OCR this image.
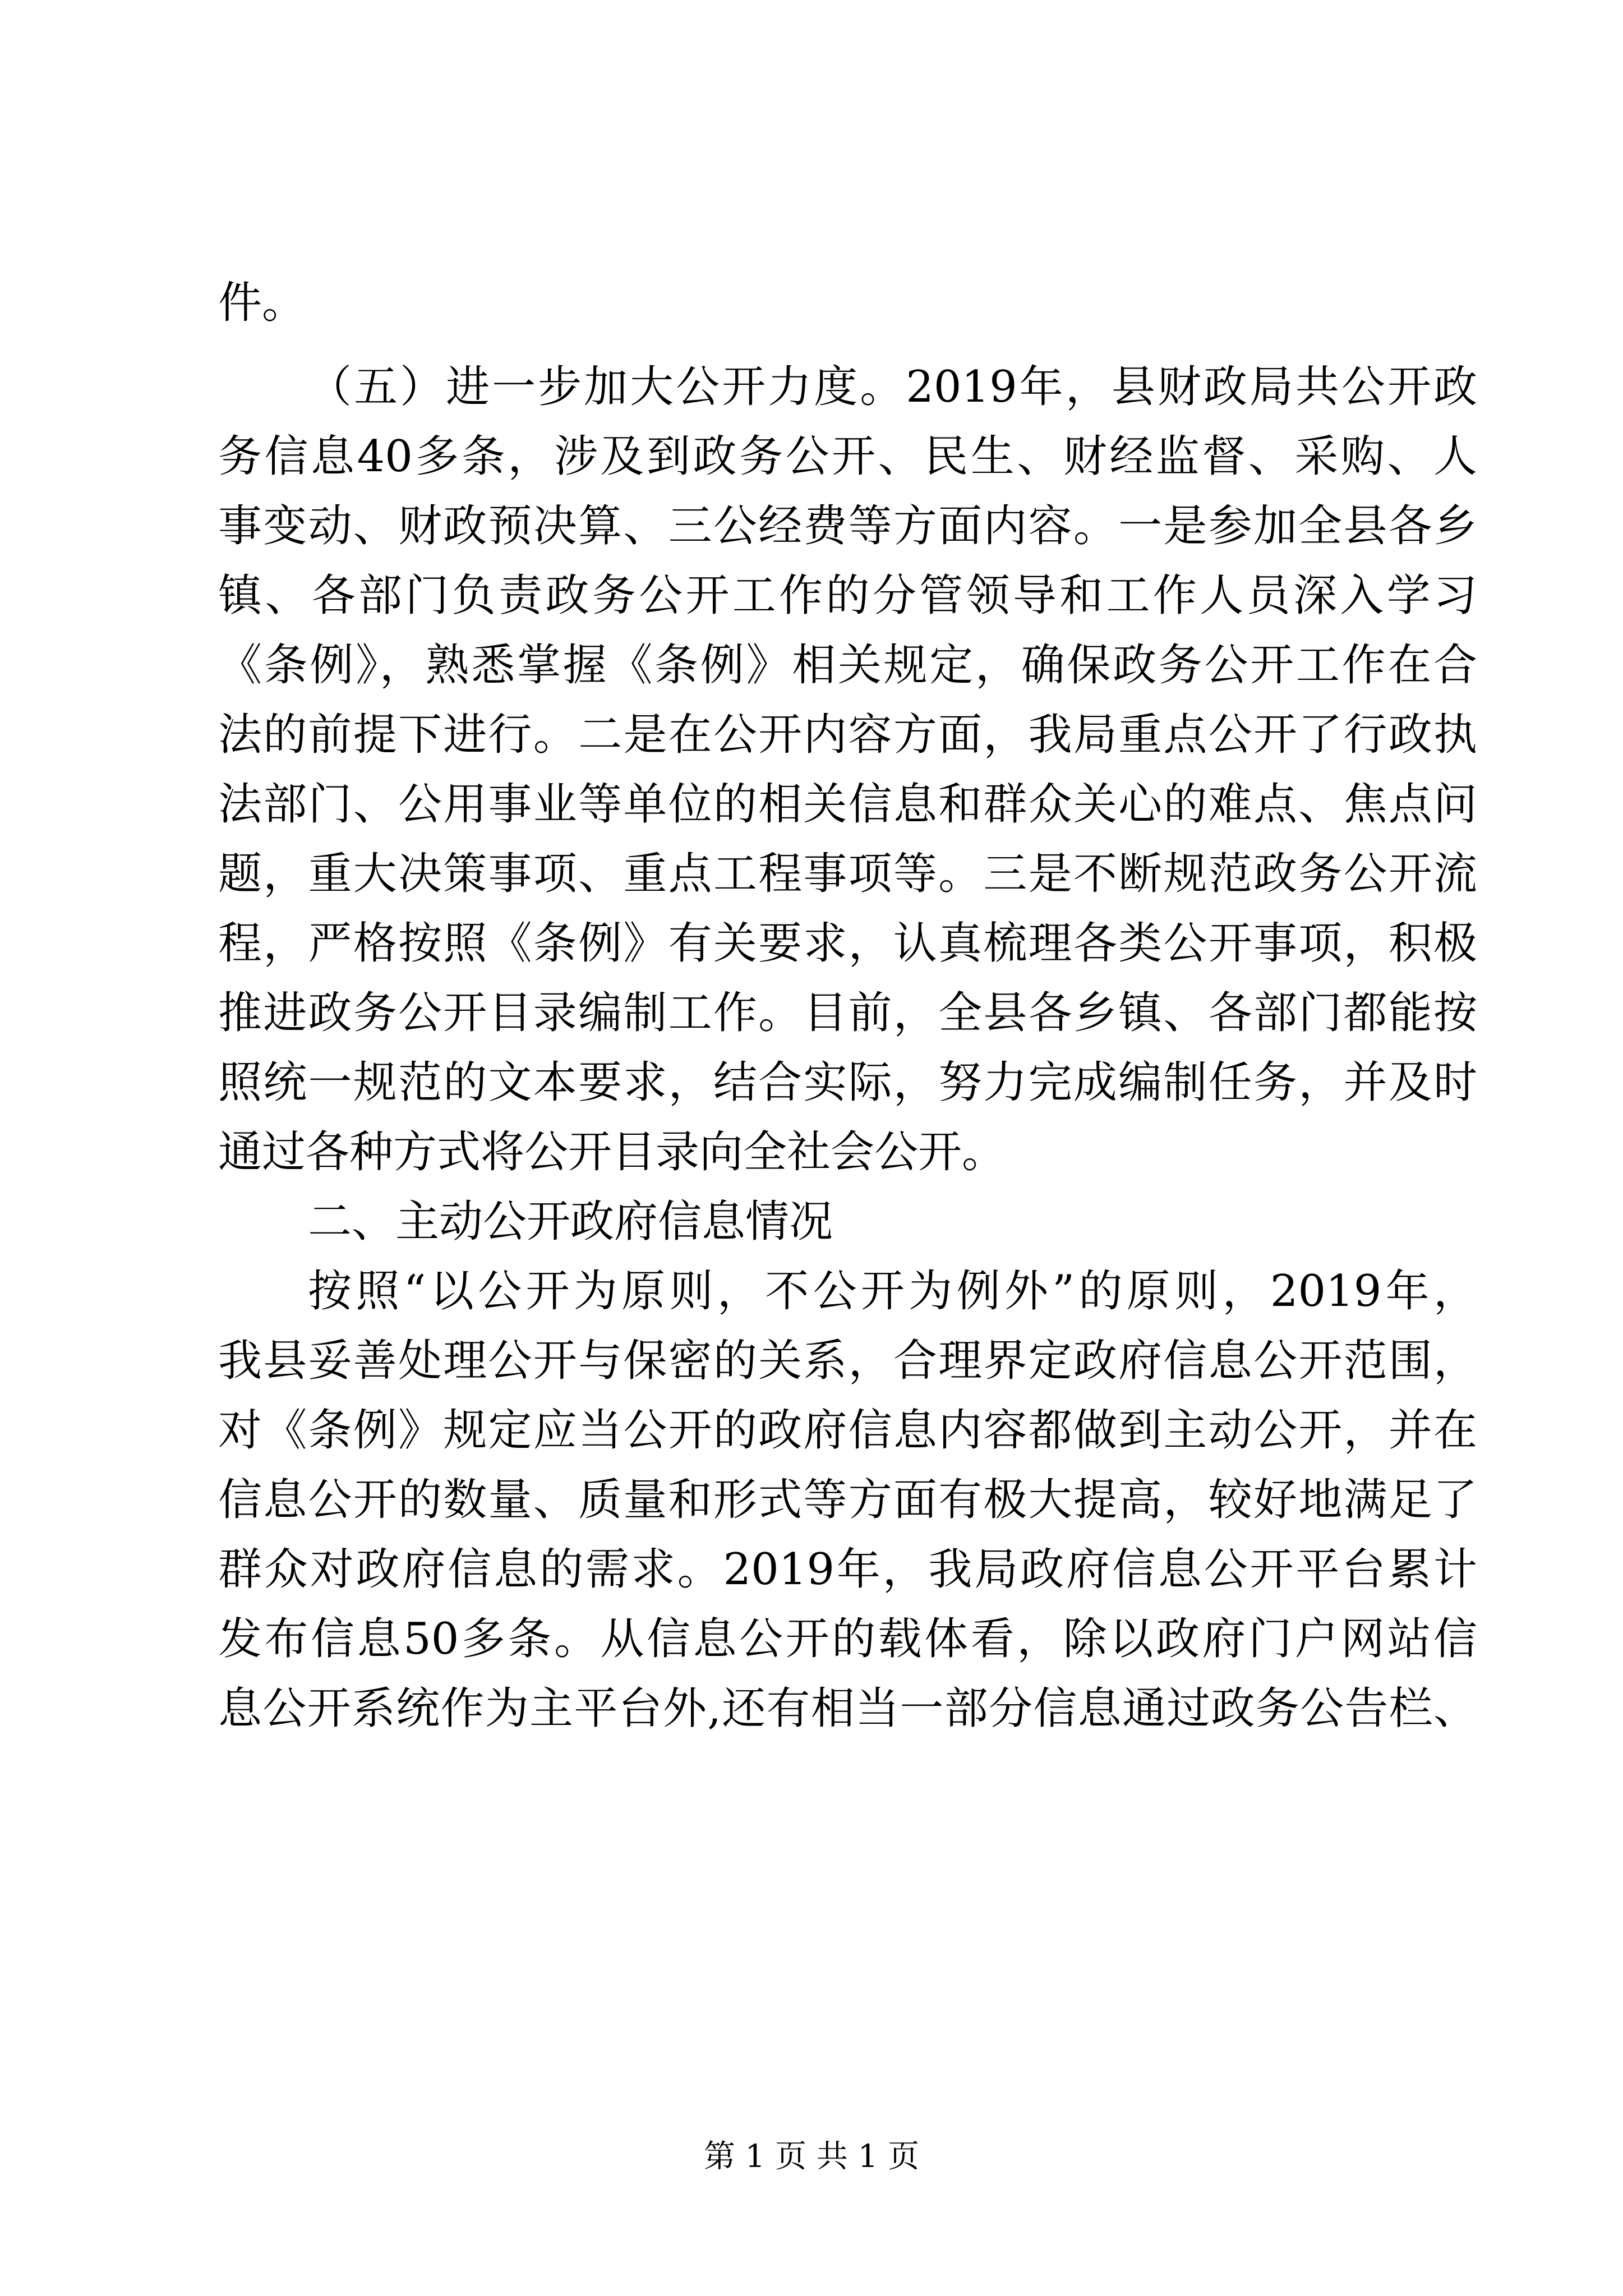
件。
（五）进一步加大公开力度。2019年，县财政局共公开政
务信息40多条，涉及到政务公开、民生、财经监督、采购、人
事变动、财政预决算、三公经费等方面内容。一是参加全县各乡
镇、各部门负责政务公开工作的分管领导和工作人员深入学习
《条例》，熟悉掌握《条例》相关规定，确保政务公开工作在合
法的前提下进行。二是在公开内容方面，我局重点公开了行政执
法部门、公用事业等单位的相关信息和群众关心的难点、焦点问
题，重大决策事项、重点工程事项等。三是不断规范政务公开流
程，严格按照《条例》有关要求，认真梳理各类公开事项，积极
推进政务公开目录编制工作。目前，全县各乡镇、各部门都能按
照统一规范的文本要求，结合实际，努力完成编制任务，并及时
通过各种方式将公开目录向全社会公开。
二、主动公开政府信息情况
按照“以公开为原则，不公开为例外”的原则，2019年，
我县妥善处理公开与保密的关系，合理界定政府信息公开范围，
对《条例》规定应当公开的政府信息内容都做到主动公开，并在
信息公开的数量、质量和形式等方面有极大提高，较好地满足了
群众对政府信息的需求。2019年，我局政府信息公开平台累计
发布信息50多条。从信息公开的载体看，除以政府门户网站信
息公开系统作为主平台外,还有相当一部分信息通过政务公告栏、
第 1 页 共 1 页
